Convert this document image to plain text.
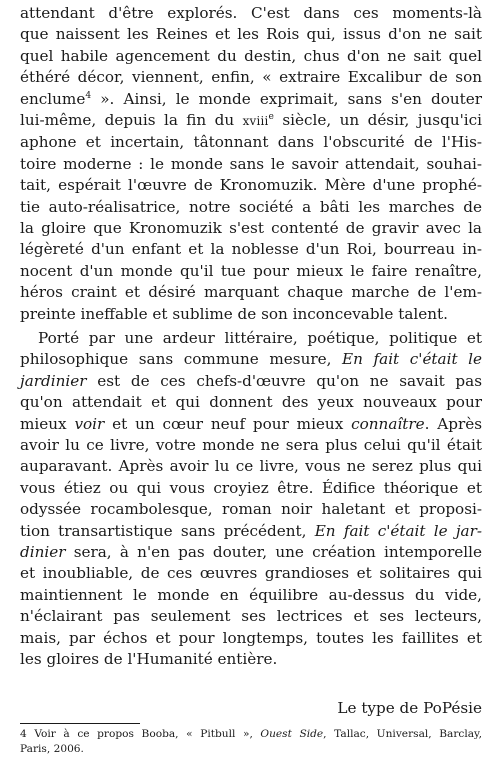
attendant d'être explorés. C'est dans ces moments-là
que naissent les Reines et les Rois qui, issus d'on ne sait
quel habile agencement du destin, chus d'on ne sait quel
éthéré décor, viennent, enfin, « extraire Excalibur de son
enclume$^4$ ». Ainsi, le monde exprimait, sans s'en douter
lui-même, depuis la fin du xviii$^e$ siècle, un désir, jusqu'ici
aphone et incertain, tâtonnant dans l'obscurité de l'His-
toire moderne : le monde sans le savoir attendait, souhai-
tait, espérait l'œuvre de Kronomuzik. Mère d'une prophé-
tie auto-réalisatrice, notre société a bâti les marches de
la gloire que Kronomuzik s'est contenté de gravir avec la
légèreté d'un enfant et la noblesse d'un Roi, bourreau in-
nocent d'un monde qu'il tue pour mieux le faire renaître,
héros craint et désiré marquant chaque marche de l'em-
preinte ineffable et sublime de son inconcevable talent.
Porté par une ardeur littéraire, poétique, politique et
philosophique sans commune mesure, En fait c'était le
jardinier est de ces chefs-d'œuvre qu'on ne savait pas
qu'on attendait et qui donnent des yeux nouveaux pour
mieux voir et un cœur neuf pour mieux connaître. Après
avoir lu ce livre, votre monde ne sera plus celui qu'il était
auparavant. Après avoir lu ce livre, vous ne serez plus qui
vous étiez ou qui vous croyiez être. Édifice théorique et
odyssée rocambolesque, roman noir haletant et proposi-
tion transartistique sans précédent, En fait c'était le jar-
dinier sera, à n'en pas douter, une création intemporelle
et inoubliable, de ces œuvres grandioses et solitaires qui
maintiennent le monde en équilibre au-dessus du vide,
n'éclairant pas seulement ses lectrices et ses lecteurs,
mais, par échos et pour longtemps, toutes les faillites et
les gloires de l'Humanité entière.
Le type de PoPésie
4 Voir à ce propos Booba, « Pitbull », Ouest Side, Tallac, Universal, Barclay,
Paris, 2006.
